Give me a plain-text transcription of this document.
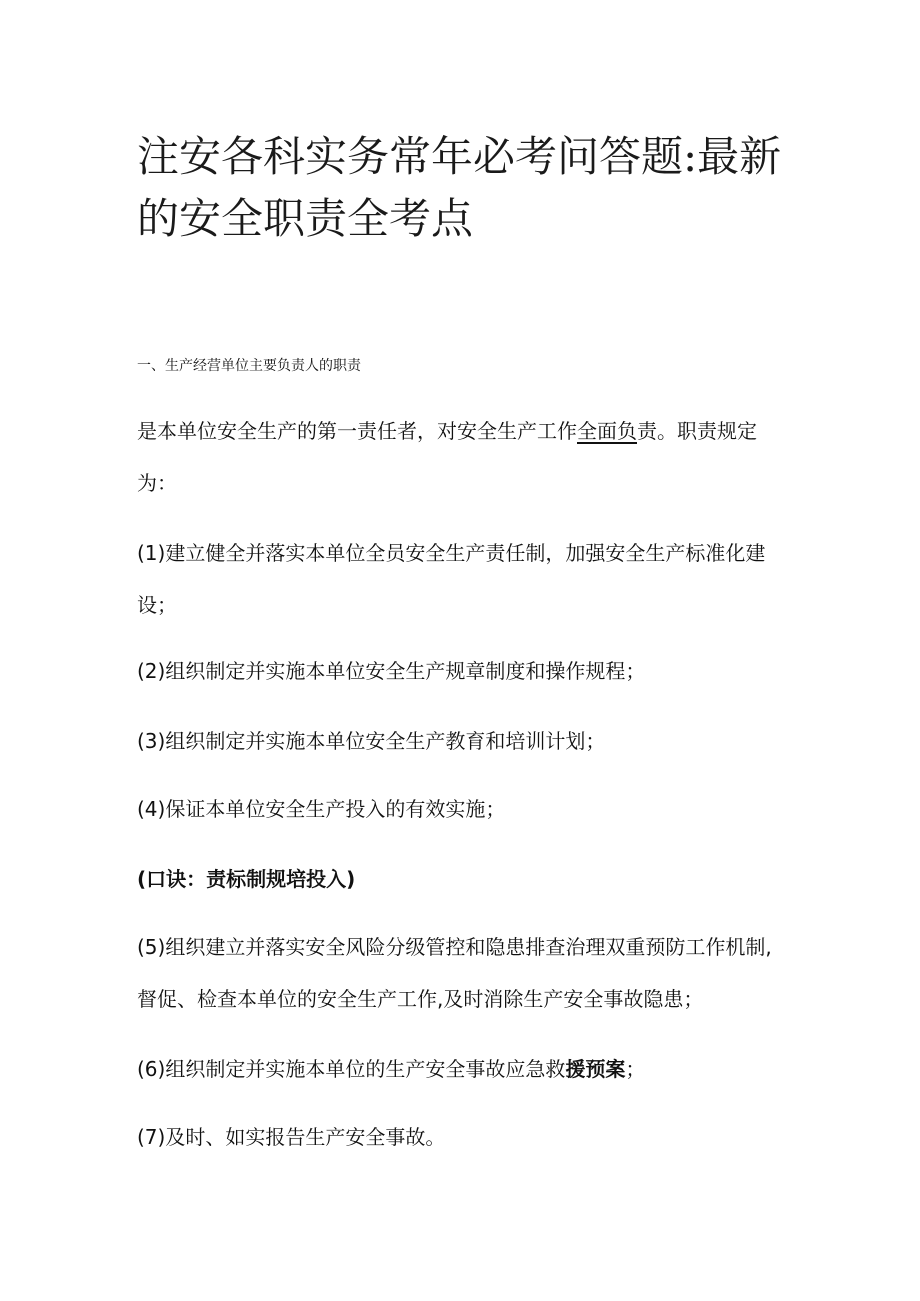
注安各科实务常年必考问答题:最新的安全职责全考点
一、生产经营单位主要负责人的职责

是本单位安全生产的第一责任者，对安全生产工作全面负责。职责规定为：

(1)建立健全并落实本单位全员安全生产责任制，加强安全生产标准化建设；

(2)组织制定并实施本单位安全生产规章制度和操作规程；

(3)组织制定并实施本单位安全生产教育和培训计划；

(4)保证本单位安全生产投入的有效实施；

(口诀：责标制规培投入)

(5)组织建立并落实安全风险分级管控和隐患排查治理双重预防工作机制,督促、检查本单位的安全生产工作,及时消除生产安全事故隐患；

(6)组织制定并实施本单位的生产安全事故应急救援预案；

(7)及时、如实报告生产安全事故。
